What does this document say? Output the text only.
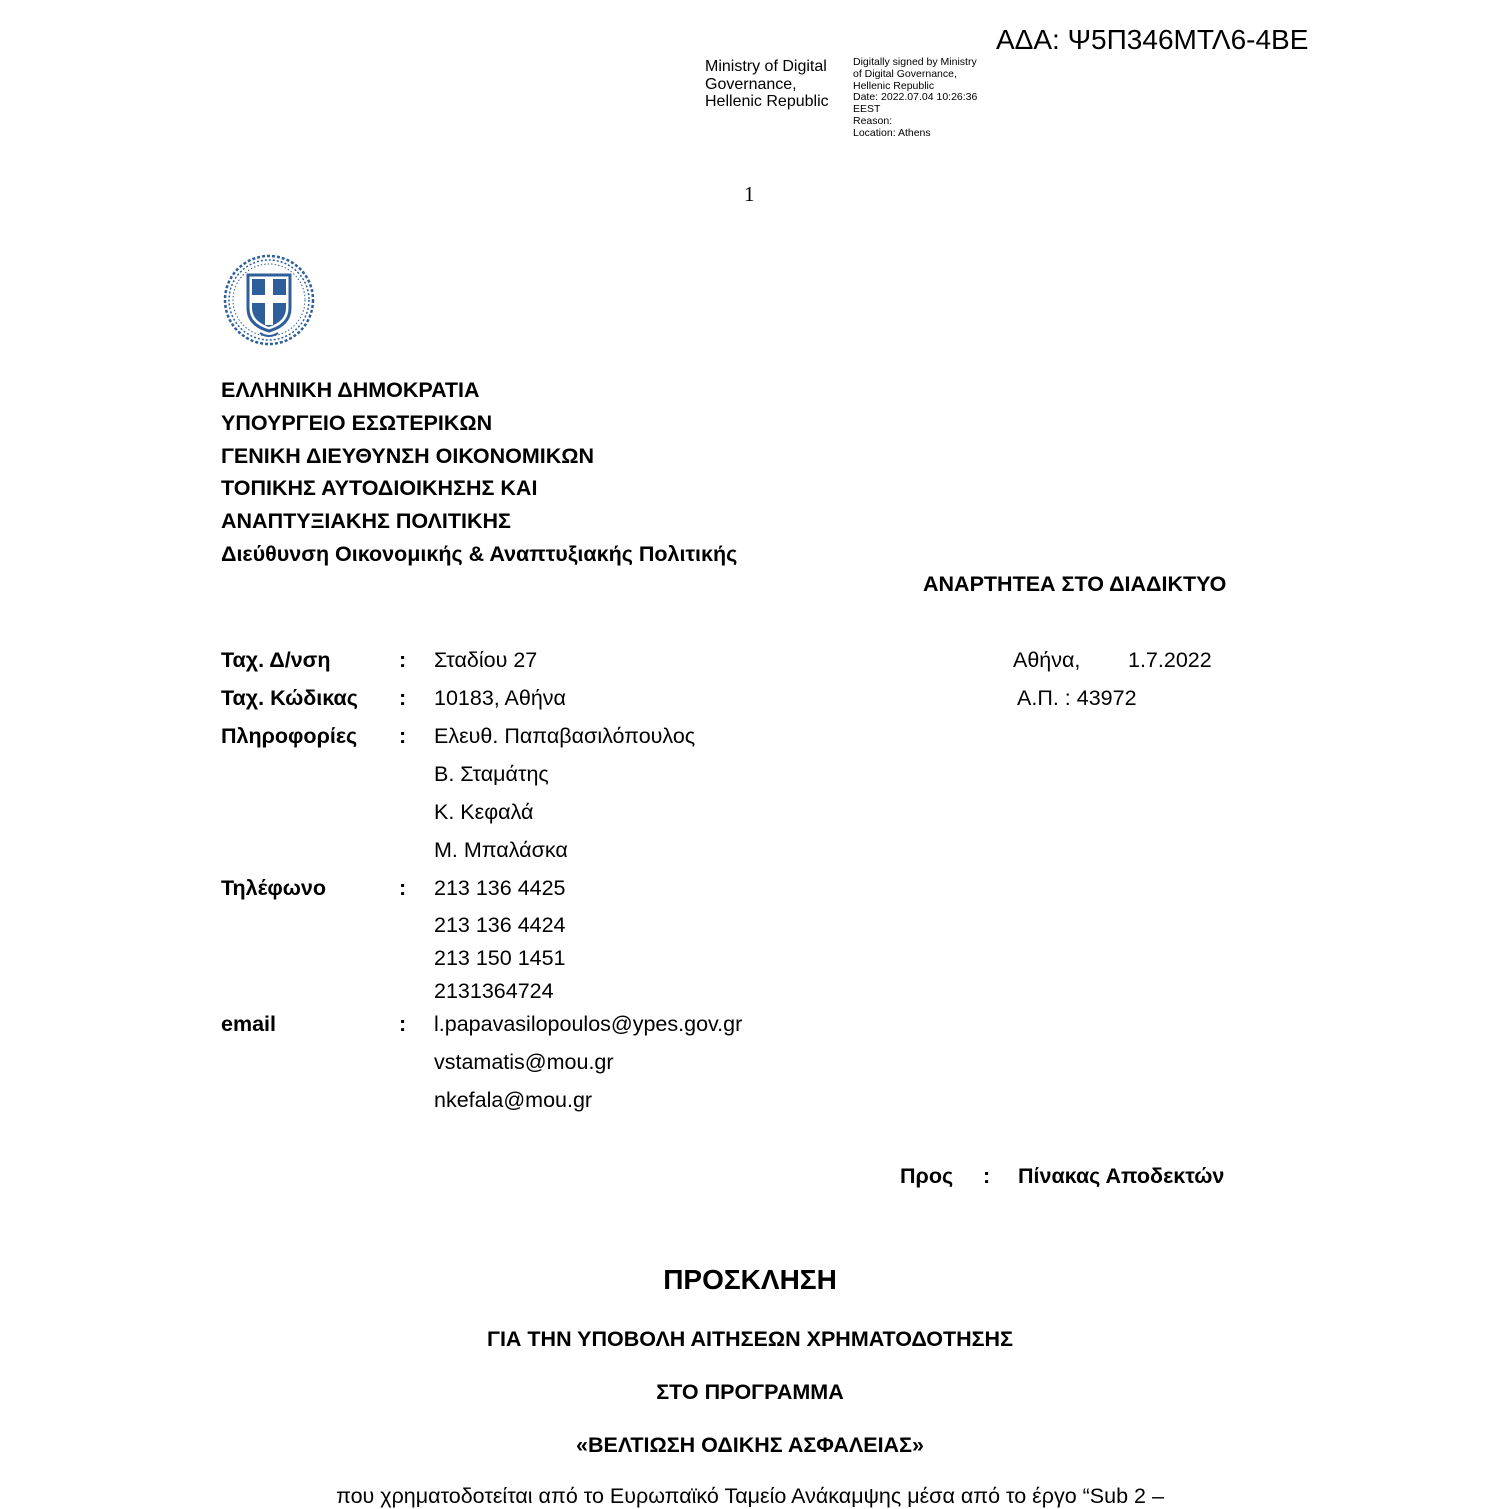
ΑΔΑ: Ψ5Π346ΜΤΛ6-4ΒΕ
Ministry of Digital
Governance,
Hellenic Republic
Digitally signed by Ministry
of Digital Governance,
Hellenic Republic
Date: 2022.07.04 10:26:36
EEST
Reason:
Location: Athens
1
ΕΛΛΗΝΙΚΗ ΔΗΜΟΚΡΑΤΙΑ
ΥΠΟΥΡΓΕΙΟ ΕΣΩΤΕΡΙΚΩΝ
ΓΕΝΙΚΗ ΔΙΕΥΘΥΝΣΗ ΟΙΚΟΝΟΜΙΚΩΝ
ΤΟΠΙΚΗΣ ΑΥΤΟΔΙΟΙΚΗΣΗΣ ΚΑΙ
ΑΝΑΠΤΥΞΙΑΚΗΣ ΠΟΛΙΤΙΚΗΣ
Διεύθυνση Οικονομικής & Αναπτυξιακής Πολιτικής
ΑΝΑΡΤΗΤΕΑ ΣΤΟ ΔΙΑΔΙΚΤΥΟ
Ταχ. Δ/νση	: Σταδίου 27
Ταχ. Κώδικας : 10183, Αθήνα
Πληροφορίες : Ελευθ. Παπαβασιλόπουλος
Β. Σταμάτης
Κ. Κεφαλά
Μ. Μπαλάσκα
Τηλέφωνο	: 213 136 4425
213 136 4424
213 150 1451
2131364724
email	: l.papavasilopoulos@ypes.gov.gr
vstamatis@mou.gr
nkefala@mou.gr
Αθήνα, 1.7.2022
Α.Π. : 43972
Προς : Πίνακας Αποδεκτών
ΠΡΟΣΚΛΗΣΗ
ΓΙΑ ΤΗΝ ΥΠΟΒΟΛΗ ΑΙΤΗΣΕΩΝ ΧΡΗΜΑΤΟΔΟΤΗΣΗΣ
ΣΤΟ ΠΡΟΓΡΑΜΜΑ
«ΒΕΛΤΙΩΣΗ ΟΔΙΚΗΣ ΑΣΦΑΛΕΙΑΣ»
που χρηματοδοτείται από το Ευρωπαϊκό Ταμείο Ανάκαμψης μέσα από το έργο “Sub 2 –
